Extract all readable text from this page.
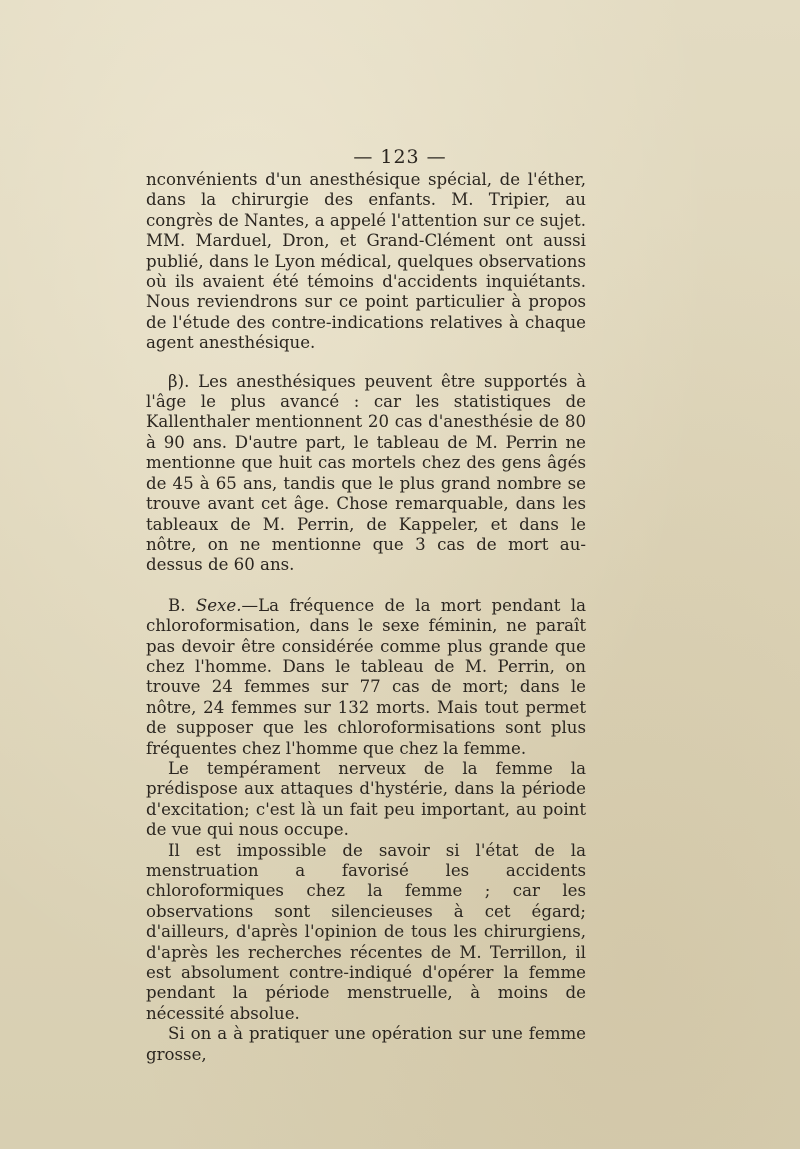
— 123 —

nconvénients d'un anesthésique spécial, de l'éther, dans la chirurgie des enfants. M. Tripier, au congrès de Nantes, a appelé l'attention sur ce sujet. MM. Marduel, Dron, et Grand-Clément ont aussi publié, dans le Lyon médical, quelques observations où ils avaient été témoins d'accidents inquiétants. Nous reviendrons sur ce point particulier à propos de l'étude des contre-indications relatives à chaque agent anesthésique.

β). Les anesthésiques peuvent être supportés à l'âge le plus avancé : car les statistiques de Kallenthaler mentionnent 20 cas d'anesthésie de 80 à 90 ans. D'autre part, le tableau de M. Perrin ne mentionne que huit cas mortels chez des gens âgés de 45 à 65 ans, tandis que le plus grand nombre se trouve avant cet âge. Chose remarquable, dans les tableaux de M. Perrin, de Kappeler, et dans le nôtre, on ne mentionne que 3 cas de mort au-dessus de 60 ans.

B. Sexe.—La fréquence de la mort pendant la chloroformisation, dans le sexe féminin, ne paraît pas devoir être considérée comme plus grande que chez l'homme. Dans le tableau de M. Perrin, on trouve 24 femmes sur 77 cas de mort; dans le nôtre, 24 femmes sur 132 morts. Mais tout permet de supposer que les chloroformisations sont plus fréquentes chez l'homme que chez la femme.

Le tempérament nerveux de la femme la prédispose aux attaques d'hystérie, dans la période d'excitation; c'est là un fait peu important, au point de vue qui nous occupe.

Il est impossible de savoir si l'état de la menstruation a favorisé les accidents chloroformiques chez la femme ; car les observations sont silencieuses à cet égard; d'ailleurs, d'après l'opinion de tous les chirurgiens, d'après les recherches récentes de M. Terrillon, il est absolument contre-indiqué d'opérer la femme pendant la période menstruelle, à moins de nécessité absolue.

Si on a à pratiquer une opération sur une femme grosse,
